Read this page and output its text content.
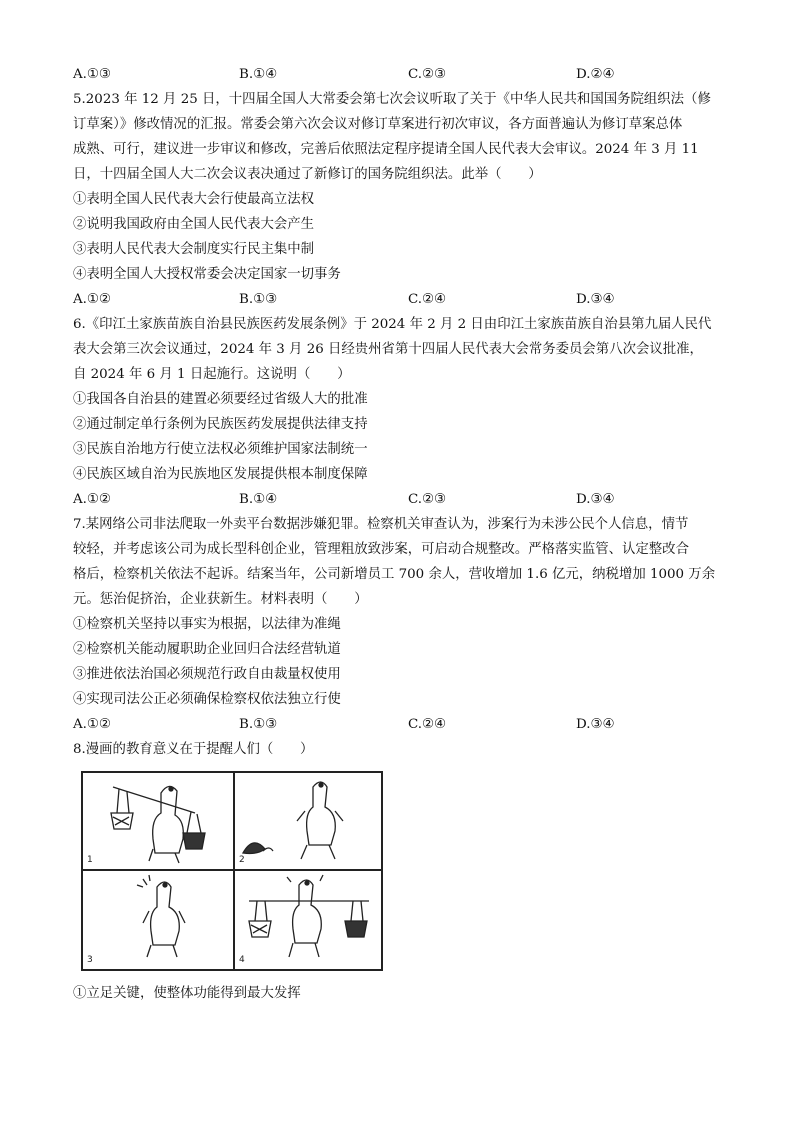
A.①③	B.①④	C.②③	D.②④
5.2023 年 12 月 25 日，十四届全国人大常委会第七次会议听取了关于《中华人民共和国国务院组织法（修
订草案）》修改情况的汇报。常委会第六次会议对修订草案进行初次审议，各方面普遍认为修订草案总体
成熟、可行，建议进一步审议和修改，完善后依照法定程序提请全国人民代表大会审议。2024 年 3 月 11
日，十四届全国人大二次会议表决通过了新修订的国务院组织法。此举（　　）
①表明全国人民代表大会行使最高立法权
②说明我国政府由全国人民代表大会产生
③表明人民代表大会制度实行民主集中制
④表明全国人大授权常委会决定国家一切事务
A.①②	B.①③	C.②④	D.③④
6.《印江土家族苗族自治县民族医药发展条例》于 2024 年 2 月 2 日由印江土家族苗族自治县第九届人民代
表大会第三次会议通过，2024 年 3 月 26 日经贵州省第十四届人民代表大会常务委员会第八次会议批准，
自 2024 年 6 月 1 日起施行。这说明（　　）
①我国各自治县的建置必须要经过省级人大的批准
②通过制定单行条例为民族医药发展提供法律支持
③民族自治地方行使立法权必须维护国家法制统一
④民族区域自治为民族地区发展提供根本制度保障
A.①②	B.①④	C.②③	D.③④
7.某网络公司非法爬取一外卖平台数据涉嫌犯罪。检察机关审查认为，涉案行为未涉公民个人信息，情节
较轻，并考虑该公司为成长型科创企业，管理粗放致涉案，可启动合规整改。严格落实监管、认定整改合
格后，检察机关依法不起诉。结案当年，公司新增员工 700 余人，营收增加 1.6 亿元，纳税增加 1000 万余
元。惩治促挤治，企业获新生。材料表明（　　）
①检察机关坚持以事实为根据，以法律为准绳
②检察机关能动履职助企业回归合法经营轨道
③推进依法治国必须规范行政自由裁量权使用
④实现司法公正必须确保检察权依法独立行使
A.①②	B.①③	C.②④	D.③④
8.漫画的教育意义在于提醒人们（　　）
1	2
3	4
①立足关键，使整体功能得到最大发挥
